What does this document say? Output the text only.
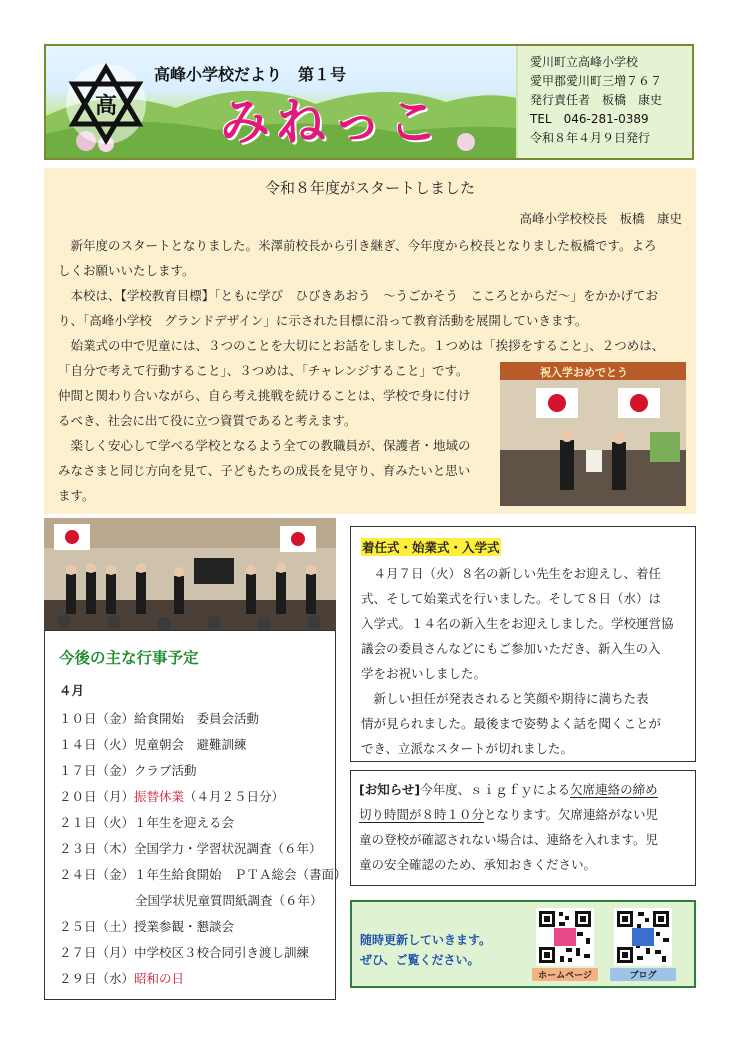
高
高峰小学校だより　第１号
みねっこ
愛川町立高峰小学校
愛甲郡愛川町三増７６７
発行責任者　板橋　康史
TEL　046-281-0389
令和８年４月９日発行
令和８年度がスタートしました
高峰小学校校長　板橋　康史
　新年度のスタートとなりました。米澤前校長から引き継ぎ、今年度から校長となりました板橋です。よろ
しくお願いいたします。
　本校は、【学校教育目標】「ともに学び　ひびきあおう　～うごかそう　こころとからだ～」をかかげてお
り、「高峰小学校　グランドデザイン」に示された目標に沿って教育活動を展開していきます。
　始業式の中で児童には、３つのことを大切にとお話をしました。１つめは「挨拶をすること」、２つめは、
「自分で考えて行動すること」、３つめは、「チャレンジすること」です。
仲間と関わり合いながら、自ら考え挑戦を続けることは、学校で身に付け
るべき、社会に出て役に立つ資質であると考えます。
　楽しく安心して学べる学校となるよう全ての教職員が、保護者・地域の
みなさまと同じ方向を見て、子どもたちの成長を見守り、育みたいと思い
ます。
祝入学おめでとう
今後の主な行事予定
４月
１０日（金）給食開始　委員会活動
１４日（火）児童朝会　避難訓練
１７日（金）クラブ活動
２０日（月）振替休業（４月２５日分）
２１日（火）１年生を迎える会
２３日（木）全国学力・学習状況調査（６年）
２４日（金）１年生給食開始　ＰＴＡ総会（書面）
全国学状児童質問紙調査（６年）
２５日（土）授業参観・懇談会
２７日（月）中学校区３校合同引き渡し訓練
２９日（水）昭和の日
着任式・始業式・入学式
　４月７日（火）８名の新しい先生をお迎えし、着任
式、そして始業式を行いました。そして８日（水）は
入学式。１４名の新入生をお迎えしました。学校運営協
議会の委員さんなどにもご参加いただき、新入生の入
学をお祝いしました。
　新しい担任が発表されると笑顔や期待に満ちた表
情が見られました。最後まで姿勢よく話を聞くことが
でき、立派なスタートが切れました。
[お知らせ]今年度、ｓｉｇｆｙによる欠席連絡の締め
切り時間が８時１０分となります。欠席連絡がない児
童の登校が確認されない場合は、連絡を入れます。児
童の安全確認のため、承知おきください。
随時更新していきます。
ぜひ、ご覧ください。
ホームページ	ブログ
